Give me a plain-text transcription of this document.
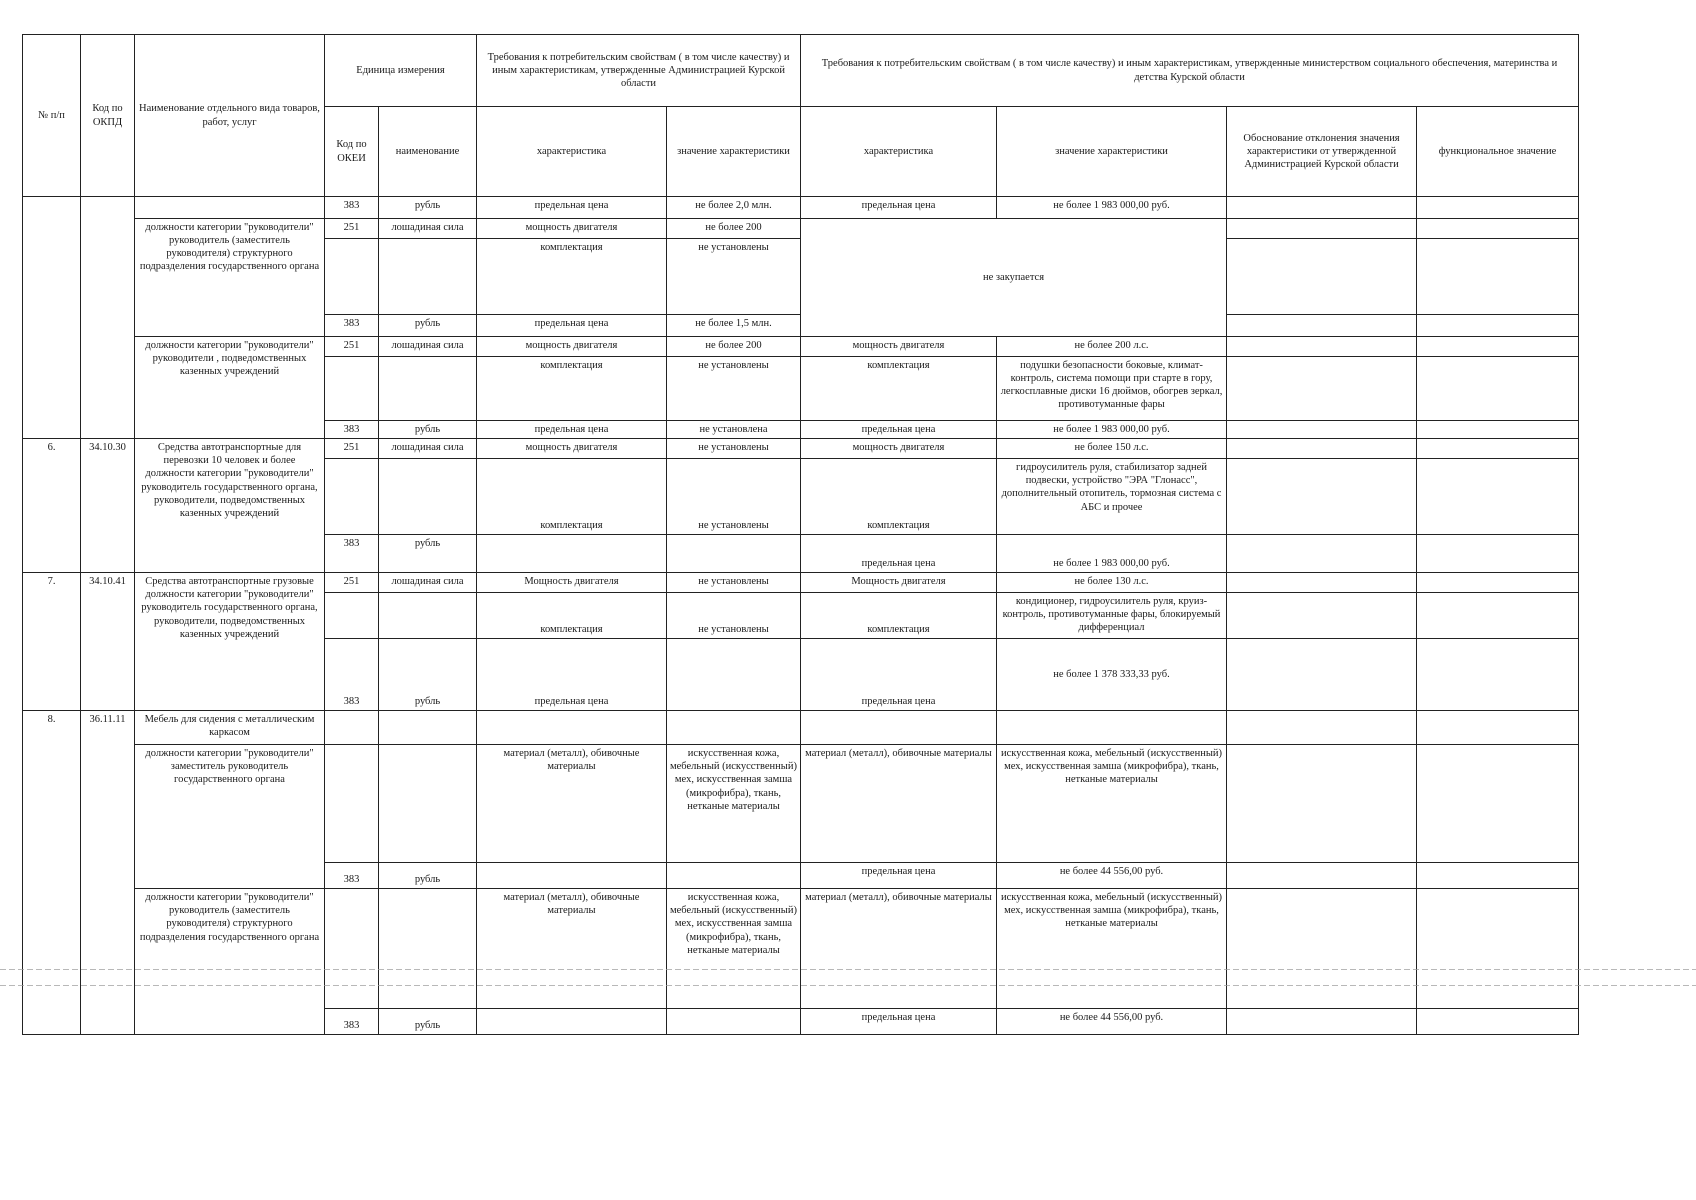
№ п/п	Код по ОКПД	Наименование отдельного вида товаров, работ, услуг	Единица измерения		Требования к потребительским свойствам ( в том числе качеству) и иным характеристикам, утвержденные Администрацией Курской области		Требования к потребительским свойствам ( в том числе качеству) и иным характеристикам, утвержденные министерством социального обеспечения, материнства и детства Курской области			
			Код по ОКЕИ	наименование	характеристика	значение характеристики	характеристика	значение характеристики	Обоснование отклонения значения характеристики от утвержденной Администрацией Курской области	функциональное значение
			383	рубль	предельная цена	не более 2,0 млн.	предельная цена	не более 1 983 000,00 руб.		
		должности категории "руководители" руководитель (заместитель руководителя) структурного подразделения государственного органа	251	лошадиная сила	мощность двигателя	не более 200	не закупается			
					комплектация	не установлены				
			383	рубль	предельная цена	не более 1,5 млн.				
		должности категории "руководители" руководители , подведомственных казенных учреждений	251	лошадиная сила	мощность двигателя	не более 200	мощность двигателя	не более 200 л.с.		
					комплектация	не установлены	комплектация	подушки безопасности боковые, климат-контроль, система помощи при старте в гору, легкосплавные диски 16 дюймов, обогрев зеркал, противотуманные фары		
			383	рубль	предельная цена	не установлена	предельная цена	не более 1 983 000,00 руб.		
6.	34.10.30	Средства автотранспортные для перевозки 10 человек и более должности категории "руководители" руководитель государственного органа, руководители, подведомственных казенных учреждений	251	лошадиная сила	мощность двигателя	не установлены	мощность двигателя	не более 150 л.с.		
					комплектация	не установлены	комплектация	гидроусилитель руля, стабилизатор задней подвески, устройство "ЭРА "Глонасс", дополнительный отопитель, тормозная система с АБС и прочее		
			383	рубль			предельная цена	не более 1 983 000,00 руб.		
7.	34.10.41	Средства автотранспортные грузовые должности категории "руководители" руководитель государственного органа, руководители, подведомственных казенных учреждений	251	лошадиная сила	Мощность двигателя	не установлены	Мощность двигателя	не более 130 л.с.		
					комплектация	не установлены	комплектация	кондиционер, гидроусилитель руля, круиз-контроль, противотуманные фары, блокируемый дифференциал		
			383	рубль	предельная цена		предельная цена	не более 1 378 333,33 руб.		
8.	36.11.11	Мебель для сидения с металлическим каркасом								
		должности категории "руководители" заместитель руководитель государственного органа			материал (металл), обивочные материалы	искусственная кожа, мебельный (искусственный) мех, искусственная замша (микрофибра), ткань, нетканые материалы	материал (металл), обивочные материалы	искусственная кожа, мебельный (искусственный) мех, искусственная замша (микрофибра), ткань, нетканые материалы		
			383	рубль			предельная цена	не более 44 556,00 руб.		
		должности категории "руководители" руководитель (заместитель руководителя) структурного подразделения государственного органа			материал (металл), обивочные материалы	искусственная кожа, мебельный (искусственный) мех, искусственная замша (микрофибра), ткань, нетканые материалы	материал (металл), обивочные материалы	искусственная кожа, мебельный (искусственный) мех, искусственная замша (микрофибра), ткань, нетканые материалы		
			383	рубль			предельная цена	не более 44 556,00 руб.		
